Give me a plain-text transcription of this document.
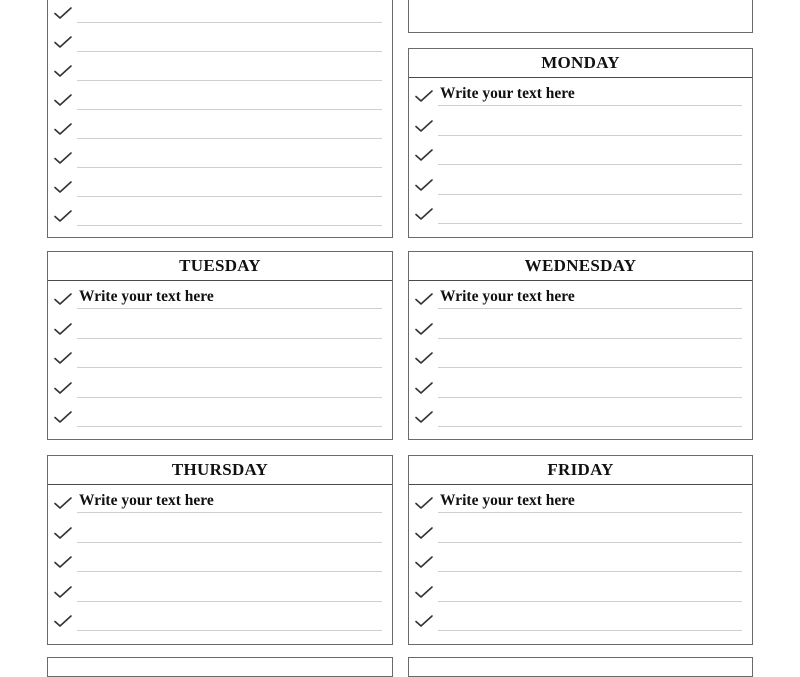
MONDAY
Write your text here
TUESDAY
Write your text here
WEDNESDAY
Write your text here
THURSDAY
Write your text here
FRIDAY
Write your text here
